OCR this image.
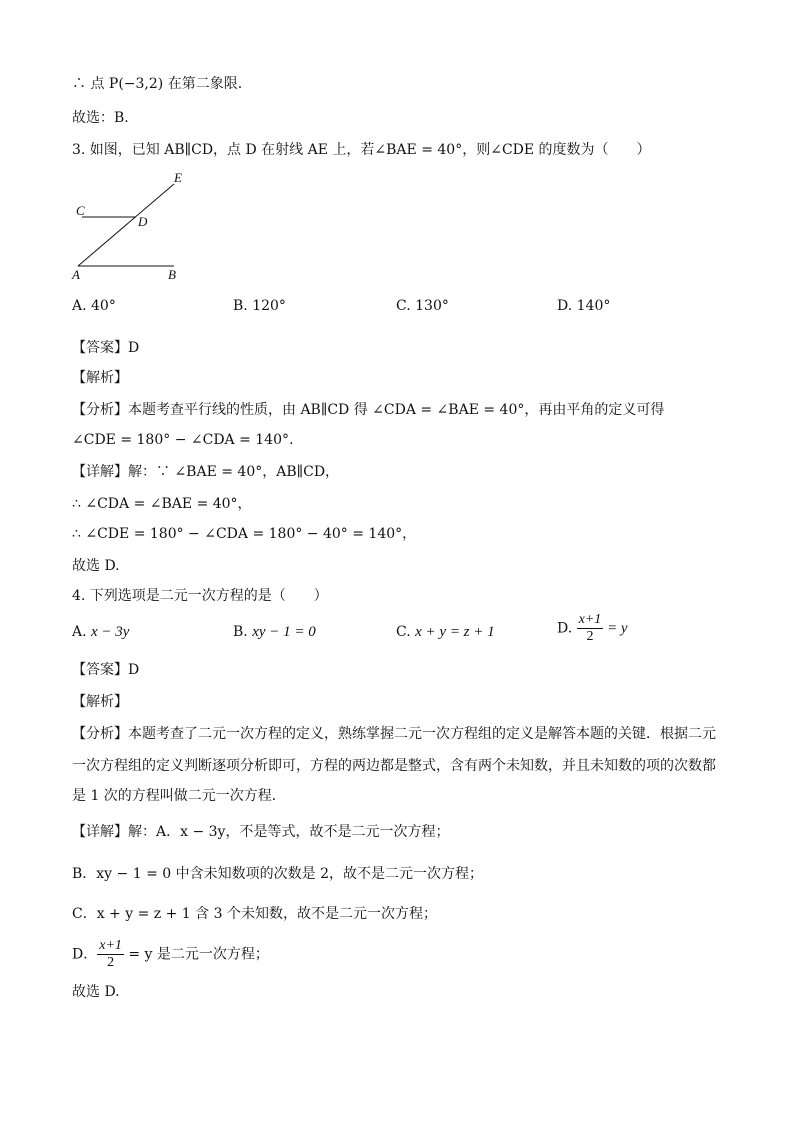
∴ 点 P(−3,2) 在第二象限.
故选：B.
3. 如图，已知 AB∥CD，点 D 在射线 AE 上，若∠BAE = 40°，则∠CDE 的度数为（　　）
E
C
D
A	B
A. 40°	B. 120°	C. 130°	D. 140°
【答案】D
【解析】
【分析】本题考查平行线的性质，由 AB∥CD 得 ∠CDA = ∠BAE = 40°，再由平角的定义可得
∠CDE = 180° − ∠CDA = 140°.
【详解】解：∵ ∠BAE = 40°，AB∥CD，
∴ ∠CDA = ∠BAE = 40°，
∴ ∠CDE = 180° − ∠CDA = 180° − 40° = 140°，
故选 D.
4. 下列选项是二元一次方程的是（　　）
A. x − 3y	B. xy − 1 = 0	C. x + y = z + 1	D. $\frac{x+1}{2} = y$
【答案】D
【解析】
【分析】本题考查了二元一次方程的定义，熟练掌握二元一次方程组的定义是解答本题的关键．根据二元
一次方程组的定义判断逐项分析即可，方程的两边都是整式，含有两个未知数，并且未知数的项的次数都
是 1 次的方程叫做二元一次方程．
【详解】解：A．x − 3y，不是等式，故不是二元一次方程；
B．xy − 1 = 0 中含未知数项的次数是 2，故不是二元一次方程；
C．x + y = z + 1 含 3 个未知数，故不是二元一次方程；
D． $\frac{x+1}{2} = y$ 是二元一次方程；
故选 D.
